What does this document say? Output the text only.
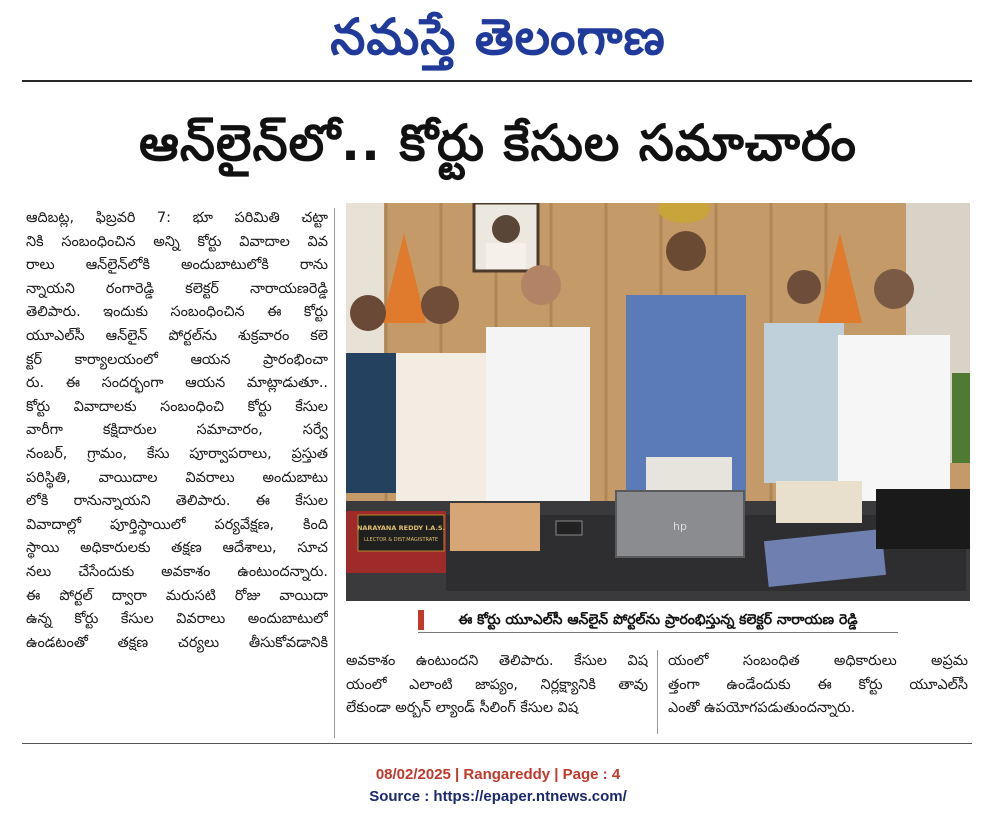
నమస్తే తెలంగాణ
ఆన్‌లైన్‌లో.. కోర్టు కేసుల సమాచారం
ఆదిబట్ల, ఫిబ్రవరి 7: భూ పరిమితి చట్టా
నికి సంబంధించిన అన్ని కోర్టు వివాదాల వివ
రాలు ఆన్‌లైన్‌లోకి అందుబాటులోకి రాను
న్నాయని రంగారెడ్డి కలెక్టర్ నారాయణరెడ్డి
తెలిపారు. ఇందుకు సంబంధించిన ఈ కోర్టు
యూఎల్‌సీ ఆన్‌లైన్ పోర్టల్‌ను శుక్రవారం కలె
క్టర్ కార్యాలయంలో ఆయన ప్రారంభించా
రు. ఈ సందర్భంగా ఆయన మాట్లాడుతూ..
కోర్టు వివాదాలకు సంబంధించి కోర్టు కేసుల
వారీగా కక్షిదారుల సమాచారం, సర్వే
నంబర్, గ్రామం, కేసు పూర్వాపరాలు, ప్రస్తుత
పరిస్థితి, వాయిదాల వివరాలు అందుబాటు
లోకి రానున్నాయని తెలిపారు. ఈ కేసుల
వివాదాల్లో పూర్తిస్థాయిలో పర్యవేక్షణ, కింది
స్థాయి అధికారులకు తక్షణ ఆదేశాలు, సూచ
నలు చేసేందుకు అవకాశం ఉంటుందన్నారు.
ఈ పోర్టల్ ద్వారా మరుసటి రోజు వాయిదా
ఉన్న కోర్టు కేసుల వివరాలు అందుబాటులో
ఉండటంతో తక్షణ చర్యలు తీసుకోవడానికి
hp
NARAYANA REDDY I.A.S.
LLECTOR & DIST.MAGISTRATE
ఈ కోర్టు యూఎల్‌సీ ఆన్‌లైన్ పోర్టల్‌ను ప్రారంభిస్తున్న కలెక్టర్ నారాయణ రెడ్డి
అవకాశం ఉంటుందని తెలిపారు. కేసుల విష
యంలో ఎలాంటి జాప్యం, నిర్లక్ష్యానికి తావు
లేకుండా అర్బన్ ల్యాండ్ సీలింగ్ కేసుల విష
యంలో సంబంధిత అధికారులు అప్రమ
త్తంగా ఉండేందుకు ఈ కోర్టు యూఎల్‌సీ
ఎంతో ఉపయోగపడుతుందన్నారు.
08/02/2025 | Rangareddy | Page : 4
Source : https://epaper.ntnews.com/
